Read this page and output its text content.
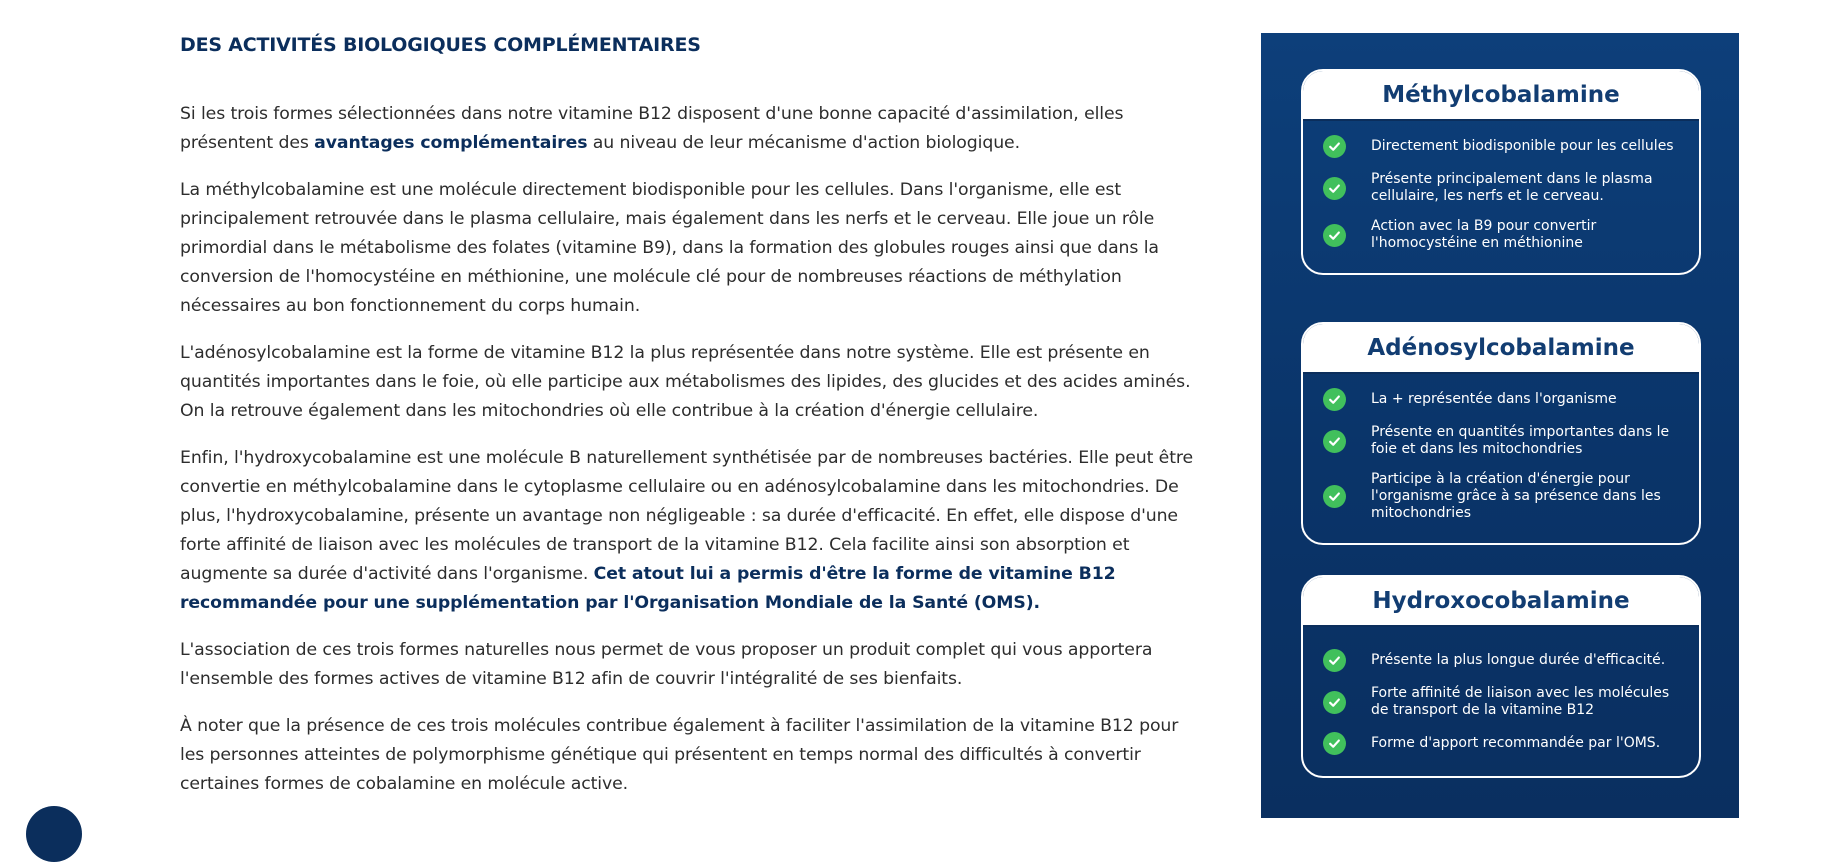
DES ACTIVITÉS BIOLOGIQUES COMPLÉMENTAIRES

Si les trois formes sélectionnées dans notre vitamine B12 disposent d'une bonne capacité d'assimilation, elles présentent des avantages complémentaires au niveau de leur mécanisme d'action biologique.

La méthylcobalamine est une molécule directement biodisponible pour les cellules. Dans l'organisme, elle est principalement retrouvée dans le plasma cellulaire, mais également dans les nerfs et le cerveau. Elle joue un rôle primordial dans le métabolisme des folates (vitamine B9), dans la formation des globules rouges ainsi que dans la conversion de l'homocystéine en méthionine, une molécule clé pour de nombreuses réactions de méthylation nécessaires au bon fonctionnement du corps humain.

L'adénosylcobalamine est la forme de vitamine B12 la plus représentée dans notre système. Elle est présente en quantités importantes dans le foie, où elle participe aux métabolismes des lipides, des glucides et des acides aminés. On la retrouve également dans les mitochondries où elle contribue à la création d'énergie cellulaire.

Enfin, l'hydroxycobalamine est une molécule B naturellement synthétisée par de nombreuses bactéries. Elle peut être convertie en méthylcobalamine dans le cytoplasme cellulaire ou en adénosylcobalamine dans les mitochondries. De plus, l'hydroxycobalamine, présente un avantage non négligeable : sa durée d'efficacité. En effet, elle dispose d'une forte affinité de liaison avec les molécules de transport de la vitamine B12. Cela facilite ainsi son absorption et augmente sa durée d'activité dans l'organisme. Cet atout lui a permis d'être la forme de vitamine B12 recommandée pour une supplémentation par l'Organisation Mondiale de la Santé (OMS).

L'association de ces trois formes naturelles nous permet de vous proposer un produit complet qui vous apportera l'ensemble des formes actives de vitamine B12 afin de couvrir l'intégralité de ses bienfaits.

À noter que la présence de ces trois molécules contribue également à faciliter l'assimilation de la vitamine B12 pour les personnes atteintes de polymorphisme génétique qui présentent en temps normal des difficultés à convertir certaines formes de cobalamine en molécule active.

Méthylcobalamine
Directement biodisponible pour les cellules
Présente principalement dans le plasma cellulaire, les nerfs et le cerveau.
Action avec la B9 pour convertir l'homocystéine en méthionine
Adénosylcobalamine
La + représentée dans l'organisme
Présente en quantités importantes dans le foie et dans les mitochondries
Participe à la création d'énergie pour l'organisme grâce à sa présence dans les mitochondries
Hydroxocobalamine
Présente la plus longue durée d'efficacité.
Forte affinité de liaison avec les molécules de transport de la vitamine B12
Forme d'apport recommandée par l'OMS.
